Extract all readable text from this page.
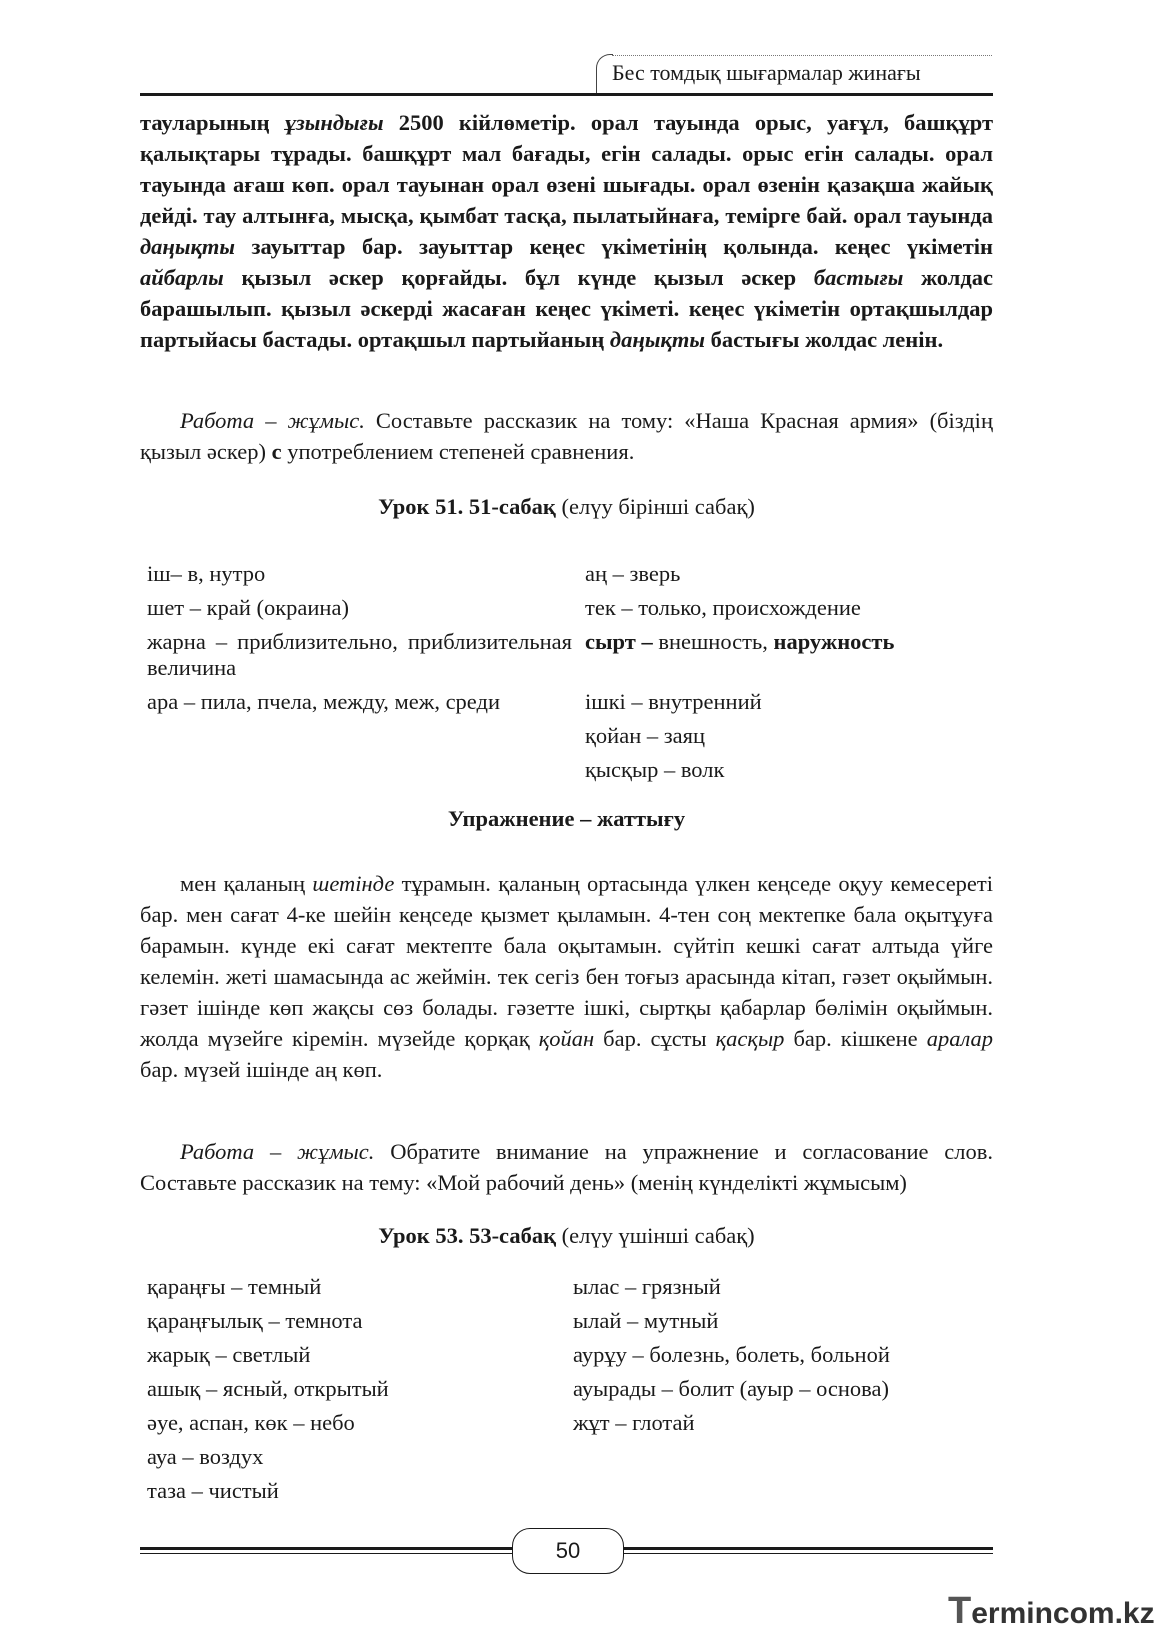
Бес томдық шығармалар жинағы
тауларының ұзындығы 2500 кійлөметір. орал тауында орыс, уағұл, башқұрт қалықтары тұрады. башқұрт мал бағады, егін салады. орыс егін салады. орал тауында ағаш көп. орал тауынан орал өзені шығады. орал өзенін қазақша жайық дейді. тау алтынға, мысқа, қымбат тасқа, пылатыйнаға, темірге бай. орал тауында даңықты зауыттар бар. зауыттар кеңес үкіметінің қолында. кеңес үкіметін айбарлы қызыл әскер қорғайды. бұл күнде қызыл әскер бастығы жолдас барашылып. қызыл әскерді жасаған кеңес үкіметі. кеңес үкіметін ортақшылдар партыйасы бастады. ортақшыл партыйаның даңықты бастығы жолдас ленін.
Работа – жұмыс. Составьте рассказик на тому: «Наша Красная армия» (біздің қызыл әскер) с употреблением степеней сравнения.
Урок 51. 51-сабақ (елүу бірінші сабақ)
іш– в, нутро
шет – край (окраина)
жарна – приблизительно, приблизительная величина
ара – пила, пчела, между, меж, среди
аң – зверь
тек – только, происхождение
сырт – внешность, наружность
ішкі – внутренний
қойан – заяц
қысқыр – волк
Упражнение – жаттығу
мен қаланың шетінде тұрамын. қаланың ортасында үлкен кеңседе оқуу кемесереті бар. мен сағат 4-ке шейін кеңседе қызмет қыламын. 4-тен соң мектепке бала оқытұуға барамын. күнде екі сағат мектепте бала оқытамын. сүйтіп кешкі сағат алтыда үйге келемін. жеті шамасында ас жеймін. тек сегіз бен тоғыз арасында кітап, гәзет оқыймын. гәзет ішінде көп жақсы сөз болады. гәзетте ішкі, сыртқы қабарлар бөлімін оқыймын. жолда мүзейге кіремін. мүзейде қорқақ қойан бар. сұсты қасқыр бар. кішкене аралар бар. мүзей ішінде аң көп.
Работа – жұмыс. Обратите внимание на упражнение и согласование слов. Составьте рассказик на тему: «Мой рабочий день» (менің күнделікті жұмысым)
Урок 53. 53-сабақ (елүу үшінші сабақ)
қараңғы – темный
қараңғылық – темнота
жарық – светлый
ашық – ясный, открытый
әуе, аспан, көк – небо
ауа – воздух
таза – чистый
ылас – грязный
ылай – мутный
аурұу – болезнь, болеть, больной
ауырады – болит (ауыр – основа)
жұт – глотай
50
Termincоm.kz
